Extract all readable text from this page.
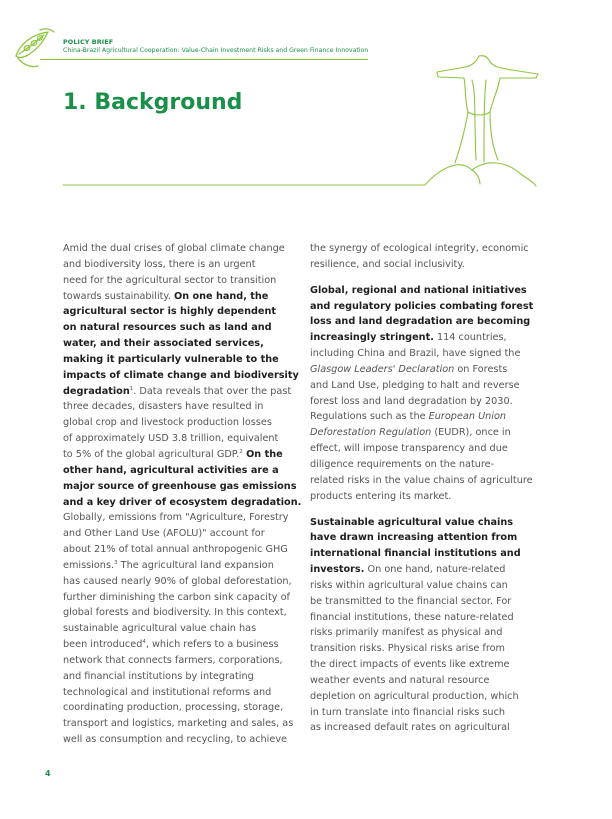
POLICY BRIEF
China-Brazil Agricultural Cooperation: Value-Chain Investment Risks and Green Finance Innovation
1. Background

Amid the dual crises of global climate change
and biodiversity loss, there is an urgent
need for the agricultural sector to transition
towards sustainability. On one hand, the
agricultural sector is highly dependent
on natural resources such as land and
water, and their associated services,
making it particularly vulnerable to the
impacts of climate change and biodiversity
degradation$^1$. Data reveals that over the past
three decades, disasters have resulted in
global crop and livestock production losses
of approximately USD 3.8 trillion, equivalent
to 5% of the global agricultural GDP.$^2$ On the
other hand, agricultural activities are a
major source of greenhouse gas emissions
and a key driver of ecosystem degradation.
Globally, emissions from "Agriculture, Forestry
and Other Land Use (AFOLU)" account for
about 21% of total annual anthropogenic GHG
emissions.$^3$ The agricultural land expansion
has caused nearly 90% of global deforestation,
further diminishing the carbon sink capacity of
global forests and biodiversity. In this context,
sustainable agricultural value chain has
been introduced$^4$, which refers to a business
network that connects farmers, corporations,
and financial institutions by integrating
technological and institutional reforms and
coordinating production, processing, storage,
transport and logistics, marketing and sales, as
well as consumption and recycling, to achieve

the synergy of ecological integrity, economic
resilience, and social inclusivity.

Global, regional and national initiatives
and regulatory policies combating forest
loss and land degradation are becoming
increasingly stringent. 114 countries,
including China and Brazil, have signed the
Glasgow Leaders' Declaration on Forests
and Land Use, pledging to halt and reverse
forest loss and land degradation by 2030.
Regulations such as the European Union
Deforestation Regulation (EUDR), once in
effect, will impose transparency and due
diligence requirements on the nature-
related risks in the value chains of agriculture
products entering its market.

Sustainable agricultural value chains
have drawn increasing attention from
international financial institutions and
investors. On one hand, nature-related
risks within agricultural value chains can
be transmitted to the financial sector. For
financial institutions, these nature-related
risks primarily manifest as physical and
transition risks. Physical risks arise from
the direct impacts of events like extreme
weather events and natural resource
depletion on agricultural production, which
in turn translate into financial risks such
as increased default rates on agricultural

4
